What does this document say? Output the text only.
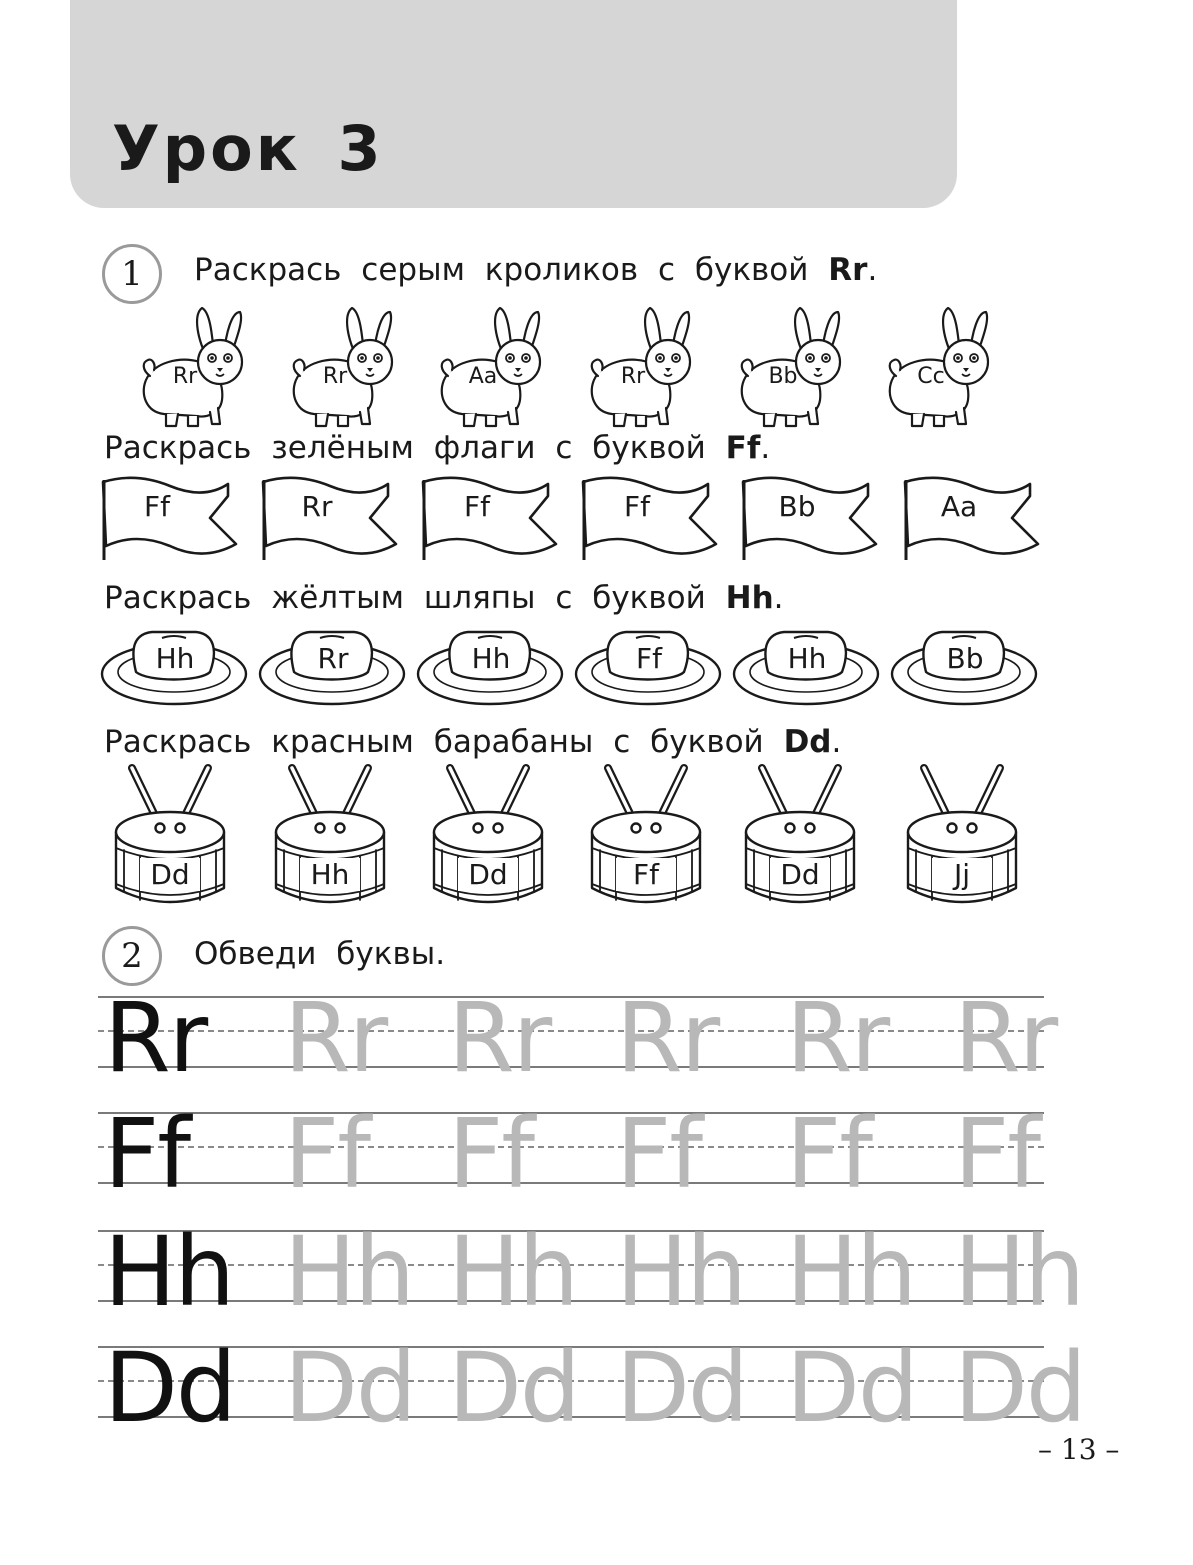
Урок 3
1	Раскрась серым кроликов с буквой Rr.
Rr	Rr	Aa	Rr	Bb	Cc
Раскрась зелёным флаги с буквой Ff.
Ff	Rr	Ff	Ff	Bb	Aa
Раскрась жёлтым шляпы с буквой Hh.
Hh	Rr	Hh	Ff	Hh	Bb
Раскрась красным барабаны с буквой Dd.
Dd	Hh	Dd	Ff	Dd	Jj
2	Обведи буквы.
Rr Rr Rr Rr Rr Rr
Ff Ff Ff Ff Ff Ff
Hh Hh Hh Hh Hh Hh
Dd Dd Dd Dd Dd Dd
– 13 –
